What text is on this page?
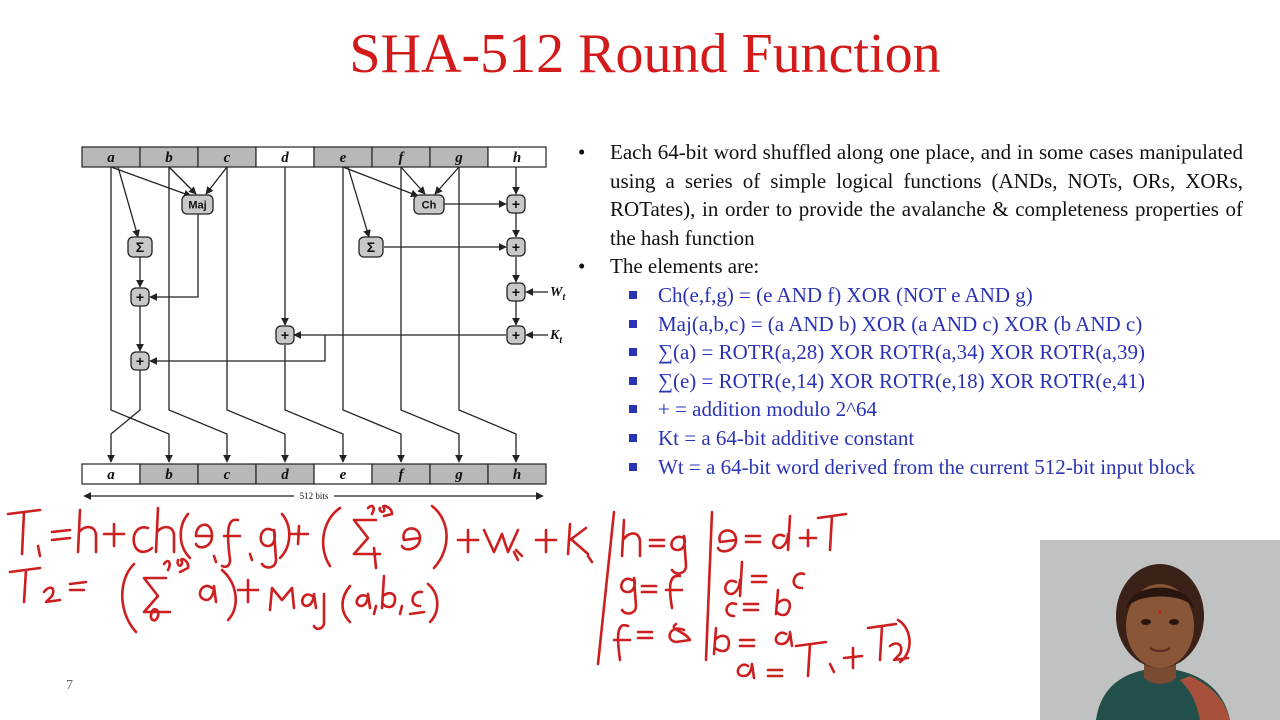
SHA-512 Round Function
a	b	c	d	e	f	g	h
a	b	c	d	e	f	g	h
Maj	Ch
Σ	Σ
+
+
+
+
+
+
+
$W_t$
$K_t$
512 bits
• Each 64-bit word shuffled along one place, and in some cases manipulated using a series of simple logical functions (ANDs, NOTs, ORs, XORs, ROTates), in order to provide the avalanche & completeness properties of the hash function
• The elements are:
Ch(e,f,g) = (e AND f) XOR (NOT e AND g)
Maj(a,b,c) = (a AND b) XOR (a AND c) XOR (b AND c)
∑(a) = ROTR(a,28) XOR ROTR(a,34) XOR ROTR(a,39)
∑(e) = ROTR(e,14) XOR ROTR(e,18) XOR ROTR(e,41)
+ = addition modulo 2^64
Kt = a 64-bit additive constant
Wt = a 64-bit word derived from the current 512-bit input block
7
